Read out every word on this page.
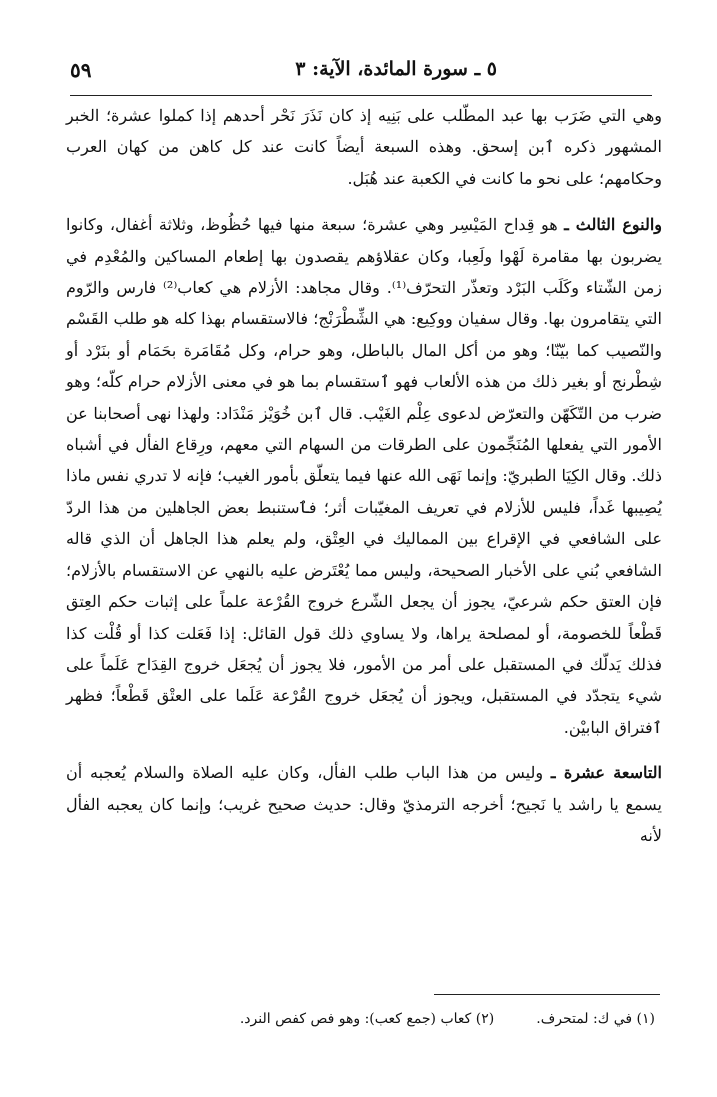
٥ ـ سورة المائدة، الآية: ٣
٥٩

وهي التي ضَرَب بها عبد المطّلب على بَنِيه إذ كان نَذَرَ نَحْر أحدهم إذا كملوا عشرة؛ الخبر المشهور ذكره ٱبن إسحق. وهذه السبعة أيضاً كانت عند كل كاهن من كهان العرب وحكامهم؛ على نحو ما كانت في الكعبة عند هُبَل.

والنوع الثالث ـ هو قِداح المَيْسِر وهي عشرة؛ سبعة منها فيها حُظُوظ، وثلاثة أغفال، وكانوا يضربون بها مقامرة لَهْوا ولَعِبا، وكان عقلاؤهم يقصدون بها إطعام المساكين والمُعْدِم في زمن الشّتاء وكَلَب البَرْد وتعذّر التحرّف⁽¹⁾. وقال مجاهد: الأزلام هي كعاب⁽²⁾ فارس والرّوم التي يتقامرون بها. وقال سفيان ووكِيع: هي الشِّطْرَنْج؛ فالاستقسام بهذا كله هو طلب القَسْم والنّصيب كما بيّنّا؛ وهو من أكل المال بالباطل، وهو حرام، وكل مُقَامَرة بحَمَام أو بنَرْد أو شِطْرنج أو بغير ذلك من هذه الألعاب فهو ٱستقسام بما هو في معنى الأزلام حرام كلّه؛ وهو ضرب من التّكَهّن والتعرّض لدعوى عِلْم الغَيْب. قال ٱبن خُوَيْز مَنْدَاد: ولهذا نهى أصحابنا عن الأمور التي يفعلها المُنَجِّمون على الطرقات من السهام التي معهم، ورِقاع الفأل في أشباه ذلك. وقال الكِيَا الطبريّ: وإنما نَهَى الله عنها فيما يتعلّق بأمور الغيب؛ فإنه لا تدري نفس ماذا يُصِيبها غَداً، فليس للأزلام في تعريف المغيّبات أثر؛ فٱستنبط بعض الجاهلين من هذا الردّ على الشافعي في الإقراع بين المماليك في العِتْق، ولم يعلم هذا الجاهل أن الذي قاله الشافعي بُني على الأخبار الصحيحة، وليس مما يُعْتَرض عليه بالنهي عن الاستقسام بالأزلام؛ فإن العتق حكم شرعيّ، يجوز أن يجعل الشّرع خروج القُرْعة علماً على إثبات حكم العِتق قَطْعاً للخصومة، أو لمصلحة يراها، ولا يساوي ذلك قول القائل: إذا فَعَلت كذا أو قُلْت كذا فذلك يَدلّك في المستقبل على أمر من الأمور، فلا يجوز أن يُجعَل خروج القِدَاح عَلَماً على شيء يتجدّد في المستقبل، ويجوز أن يُجعَل خروج القُرْعة عَلَما على العتْق قَطْعاً؛ فظهر ٱفتراق البابيْن.

التاسعة عشرة ـ وليس من هذا الباب طلب الفأل، وكان عليه الصلاة والسلام يُعجبه أن يسمع يا راشد يا نَجيح؛ أخرجه الترمذيّ وقال: حديث صحيح غريب؛ وإنما كان يعجبه الفأل لأنه

(١) في ك: لمتحرف.
(٢) كعاب (جمع كعب): وهو فص كفص النرد.
